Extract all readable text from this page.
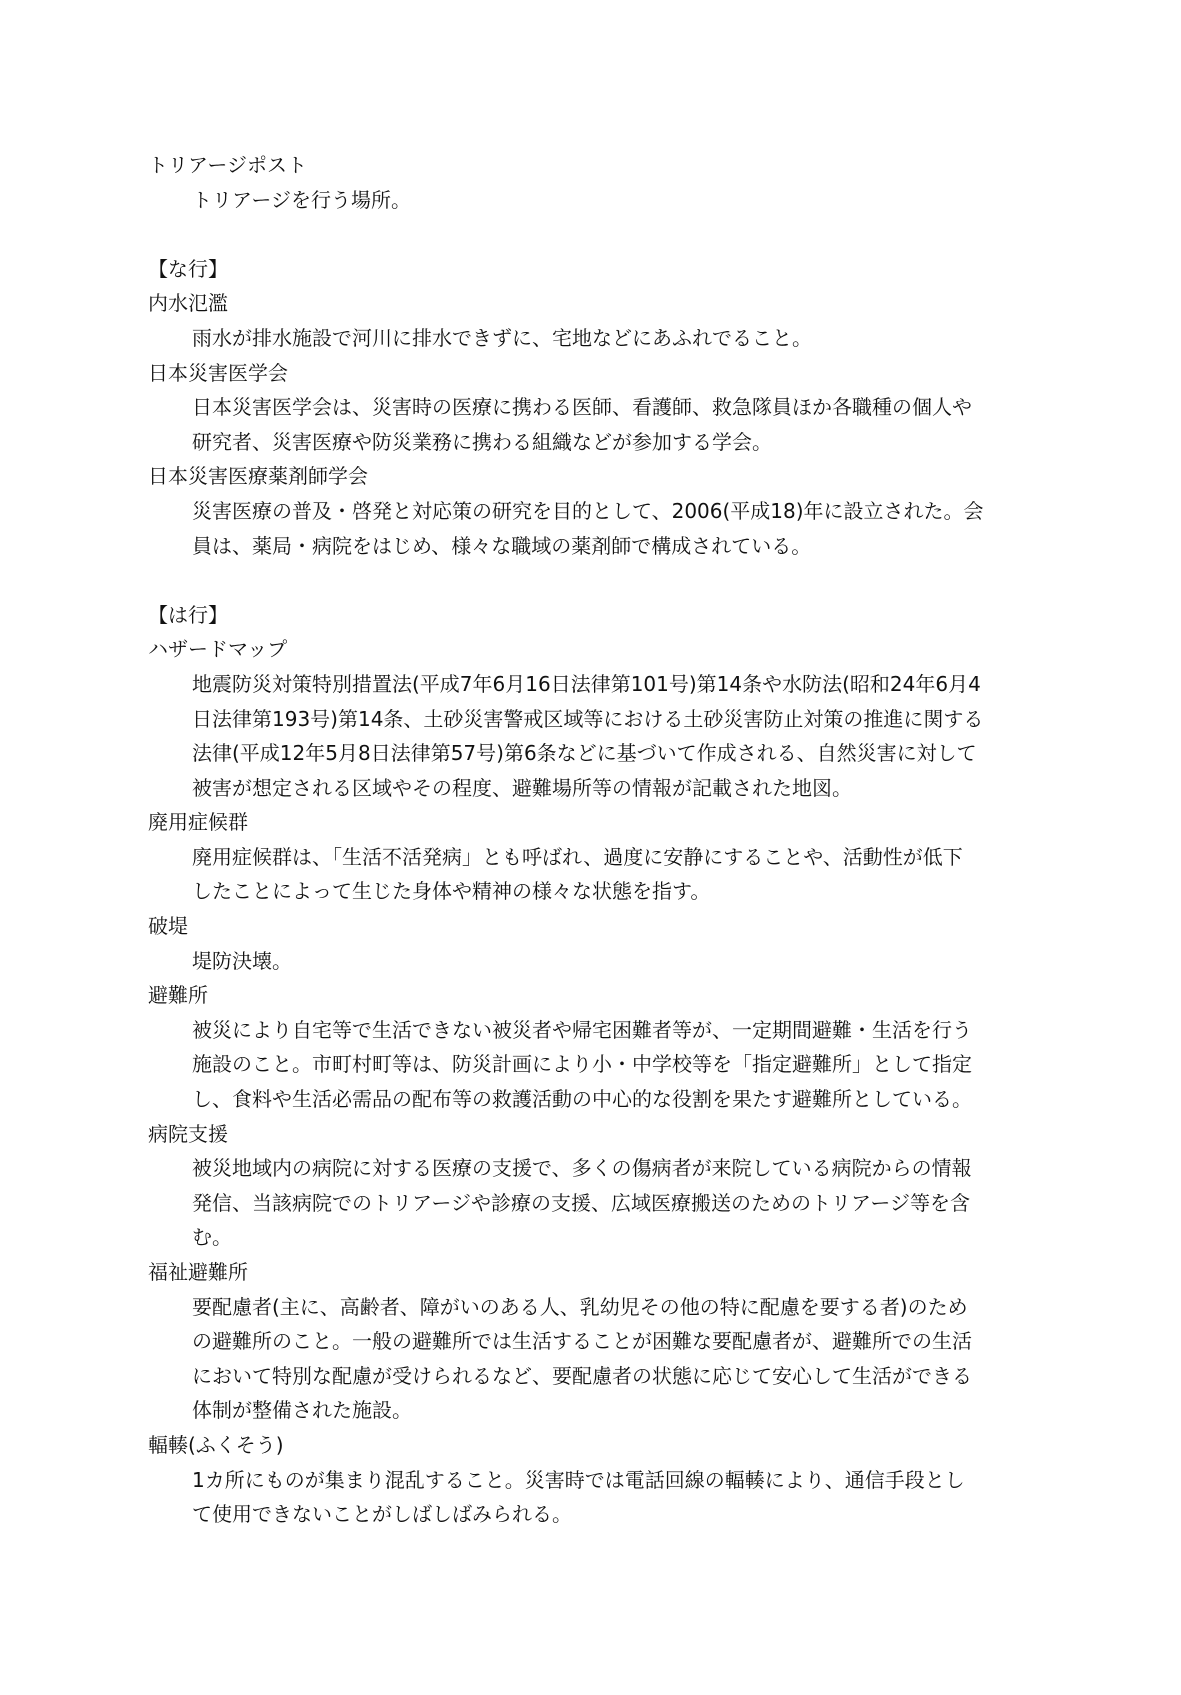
トリアージポスト
トリアージを行う場所。
【な行】
内水氾濫
雨水が排水施設で河川に排水できずに、宅地などにあふれでること。
日本災害医学会
日本災害医学会は、災害時の医療に携わる医師、看護師、救急隊員ほか各職種の個人や
研究者、災害医療や防災業務に携わる組織などが参加する学会。
日本災害医療薬剤師学会
災害医療の普及・啓発と対応策の研究を目的として、2006(平成18)年に設立された。会
員は、薬局・病院をはじめ、様々な職域の薬剤師で構成されている。
【は行】
ハザードマップ
地震防災対策特別措置法(平成7年6月16日法律第101号)第14条や水防法(昭和24年6月4
日法律第193号)第14条、土砂災害警戒区域等における土砂災害防止対策の推進に関する
法律(平成12年5月8日法律第57号)第6条などに基づいて作成される、自然災害に対して
被害が想定される区域やその程度、避難場所等の情報が記載された地図。
廃用症候群
廃用症候群は、「生活不活発病」とも呼ばれ、過度に安静にすることや、活動性が低下
したことによって生じた身体や精神の様々な状態を指す。
破堤
堤防決壊。
避難所
被災により自宅等で生活できない被災者や帰宅困難者等が、一定期間避難・生活を行う
施設のこと。市町村町等は、防災計画により小・中学校等を「指定避難所」として指定
し、食料や生活必需品の配布等の救護活動の中心的な役割を果たす避難所としている。
病院支援
被災地域内の病院に対する医療の支援で、多くの傷病者が来院している病院からの情報
発信、当該病院でのトリアージや診療の支援、広域医療搬送のためのトリアージ等を含
む。
福祉避難所
要配慮者(主に、高齢者、障がいのある人、乳幼児その他の特に配慮を要する者)のため
の避難所のこと。一般の避難所では生活することが困難な要配慮者が、避難所での生活
において特別な配慮が受けられるなど、要配慮者の状態に応じて安心して生活ができる
体制が整備された施設。
輻輳(ふくそう)
1カ所にものが集まり混乱すること。災害時では電話回線の輻輳により、通信手段とし
て使用できないことがしばしばみられる。
